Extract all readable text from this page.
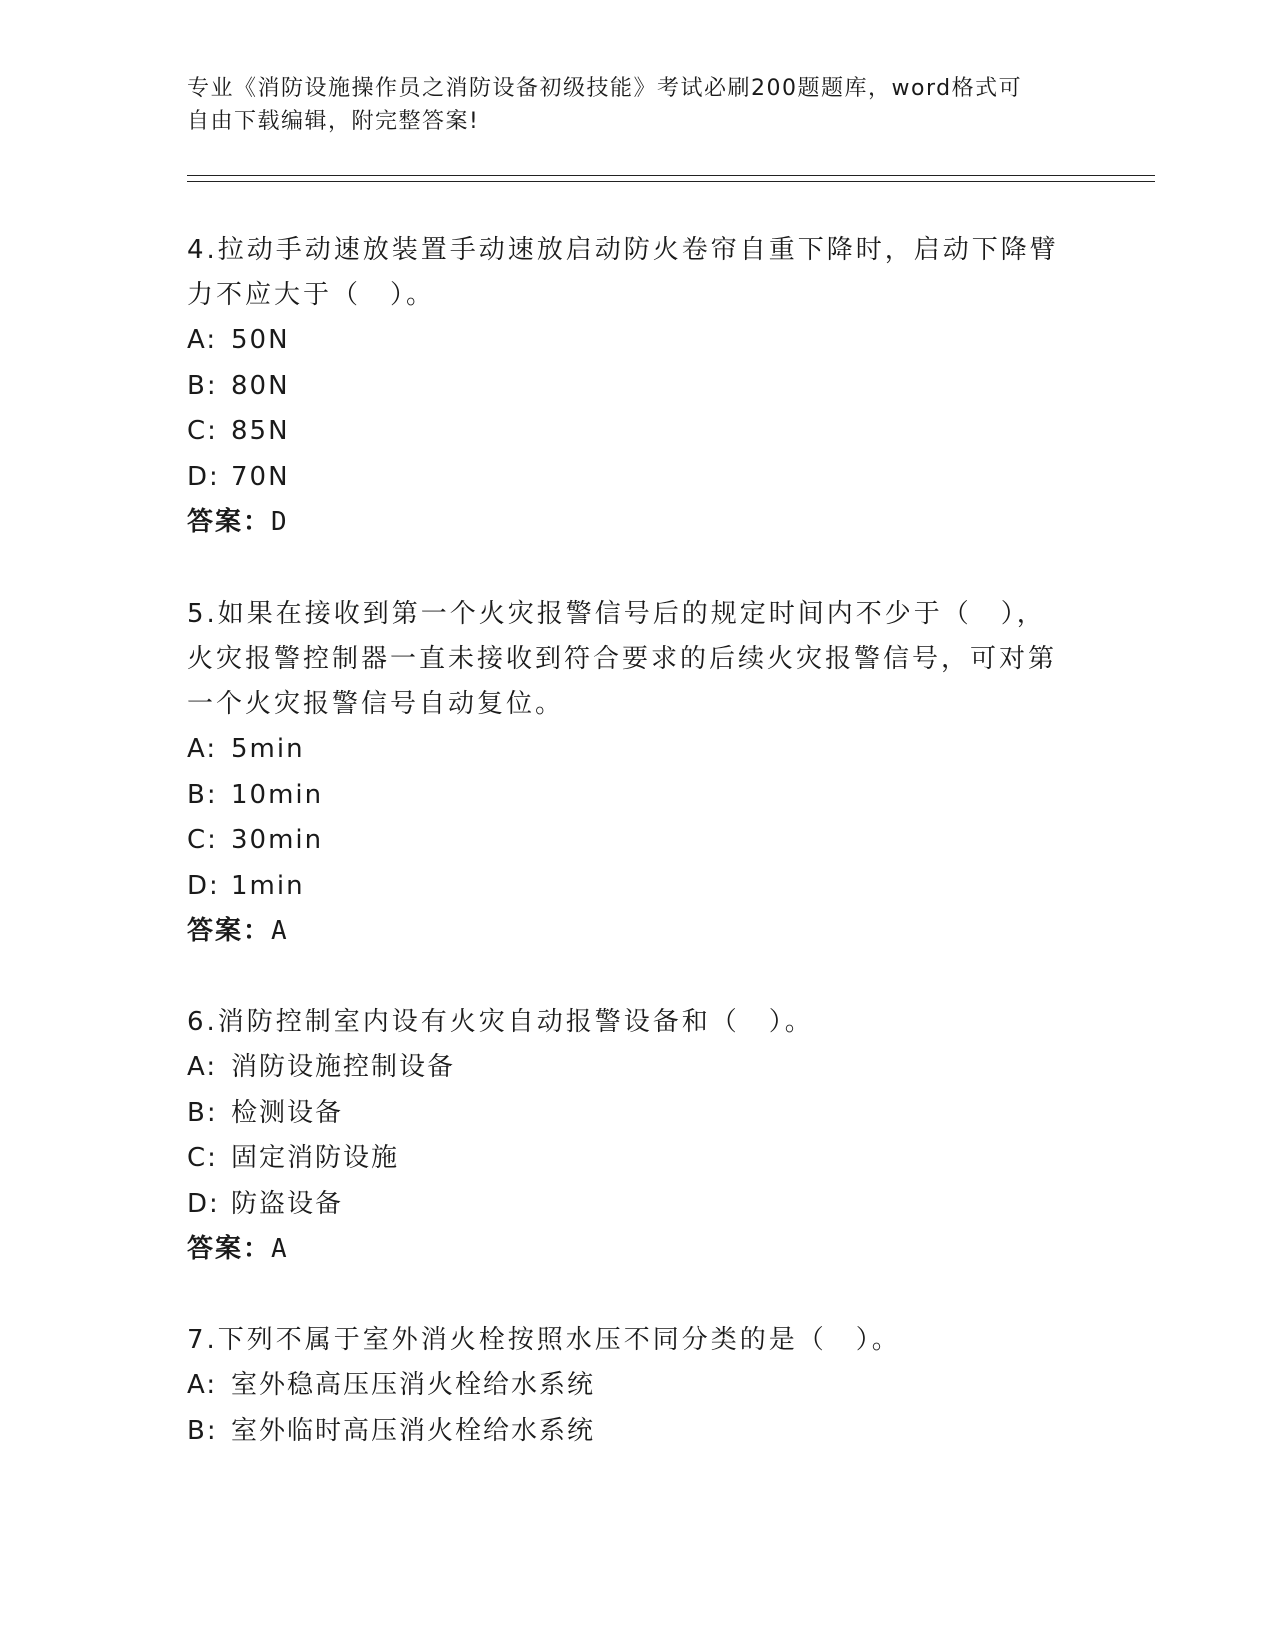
专业《消防设施操作员之消防设备初级技能》考试必刷200题题库，word格式可
自由下载编辑，附完整答案!

4.拉动手动速放装置手动速放启动防火卷帘自重下降时，启动下降臂

力不应大于（　）。

A: 50N

B: 80N

C: 85N

D: 70N

答案：D

5.如果在接收到第一个火灾报警信号后的规定时间内不少于（　），

火灾报警控制器一直未接收到符合要求的后续火灾报警信号，可对第

一个火灾报警信号自动复位。

A: 5min

B: 10min

C: 30min

D: 1min

答案：A

6.消防控制室内设有火灾自动报警设备和（　）。

A: 消防设施控制设备

B: 检测设备

C: 固定消防设施

D: 防盗设备

答案：A

7.下列不属于室外消火栓按照水压不同分类的是（　）。

A: 室外稳高压压消火栓给水系统

B: 室外临时高压消火栓给水系统
